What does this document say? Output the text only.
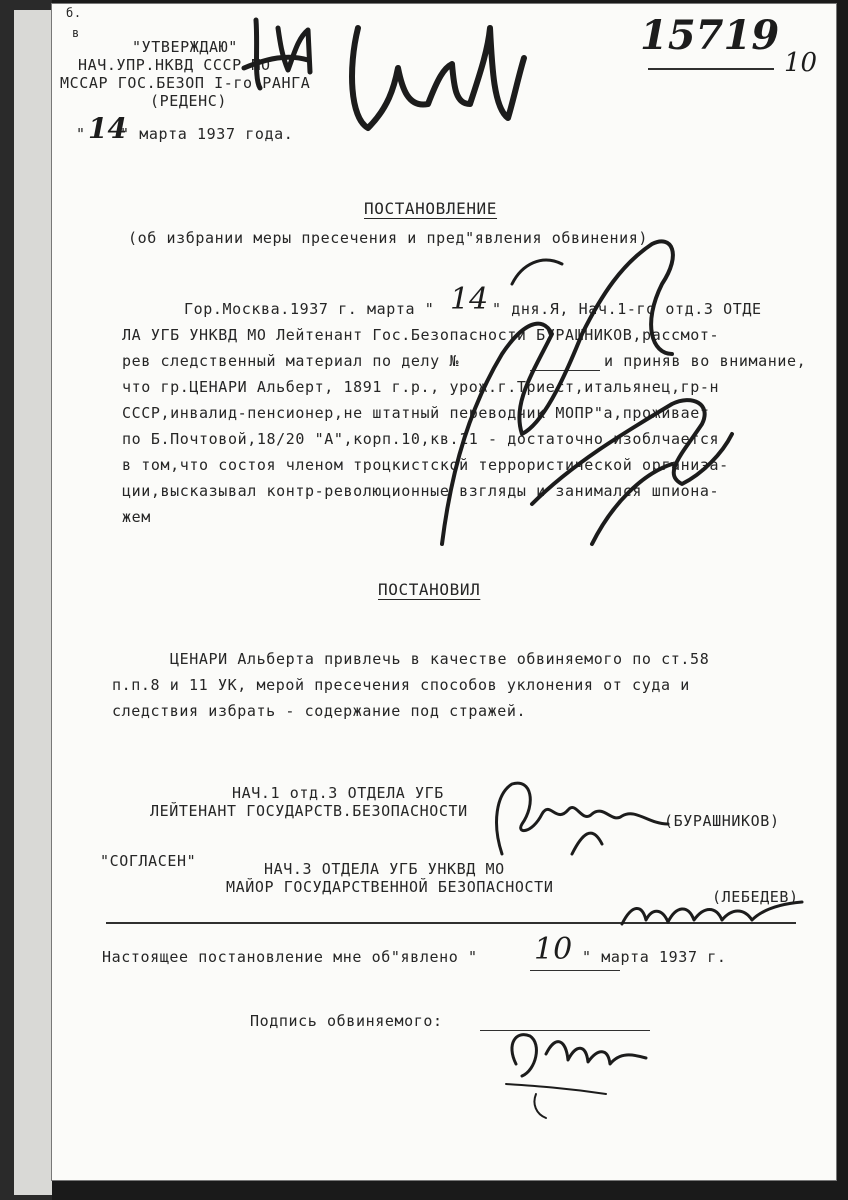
б.
в
"УТВЕРЖДАЮ"
НАЧ.УПР.НКВД СССР МО
МССАР ГОС.БЕЗОП I-го РАНГА
(РЕДЕНС)
" 14
" марта 1937 года.
15719
10
ПОСТАНОВЛЕНИЕ
(об избрании меры пресечения и пред"явления обвинения)
Гор.Москва.1937 г. марта " 14 " дня.Я, Нач.1-го отд.3 ОТДЕ
ЛА УГБ УНКВД МО Лейтенант Гос.Безопасности БУРАШНИКОВ,рассмот-
рев следственный материал по делу №	и приняв во внимание,
что гр.ЦЕНАРИ Альберт, 1891 г.р., урож.г.Триест,итальянец,гр-н
СССР,инвалид-пенсионер,не штатный переводчик МОПР"а,проживает
по Б.Почтовой,18/20 "А",корп.10,кв.11 - достаточно изоблчается
в том,что состоя членом троцкистской террористической организа-
ции,высказывал контр-революционные взгляды и занимался шпиона-
жем
ПОСТАНОВИЛ
ЦЕНАРИ Альберта привлечь в качестве обвиняемого по ст.58
п.п.8 и 11 УК, мерой пресечения способов уклонения от суда и
следствия избрать - содержание под стражей.
НАЧ.1 отд.3 ОТДЕЛА УГБ
ЛЕЙТЕНАНТ ГОСУДАРСТВ.БЕЗОПАСНОСТИ
(БУРАШНИКОВ)
"СОГЛАСЕН"	НАЧ.3 ОТДЕЛА УГБ УНКВД МО
МАЙОР ГОСУДАРСТВЕННОЙ БЕЗОПАСНОСТИ
(ЛЕБЕДЕВ)
Настоящее постановление мне об"явлено " 10 " марта 1937 г.
Подпись обвиняемого:
